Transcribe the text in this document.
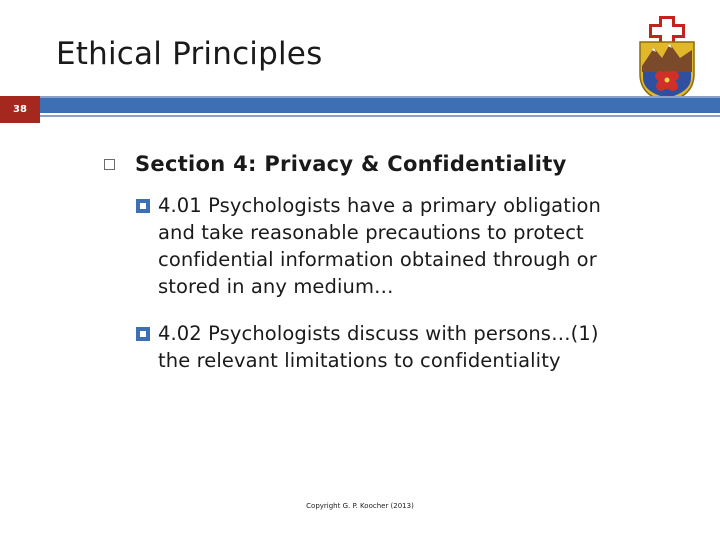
Ethical Principles
38
Section 4: Privacy & Confidentiality
4.01 Psychologists have a primary obligation and take reasonable precautions to protect confidential information obtained through or stored in any medium…
4.02 Psychologists discuss with persons…(1) the relevant limitations to confidentiality
Copyright G. P. Koocher (2013)
